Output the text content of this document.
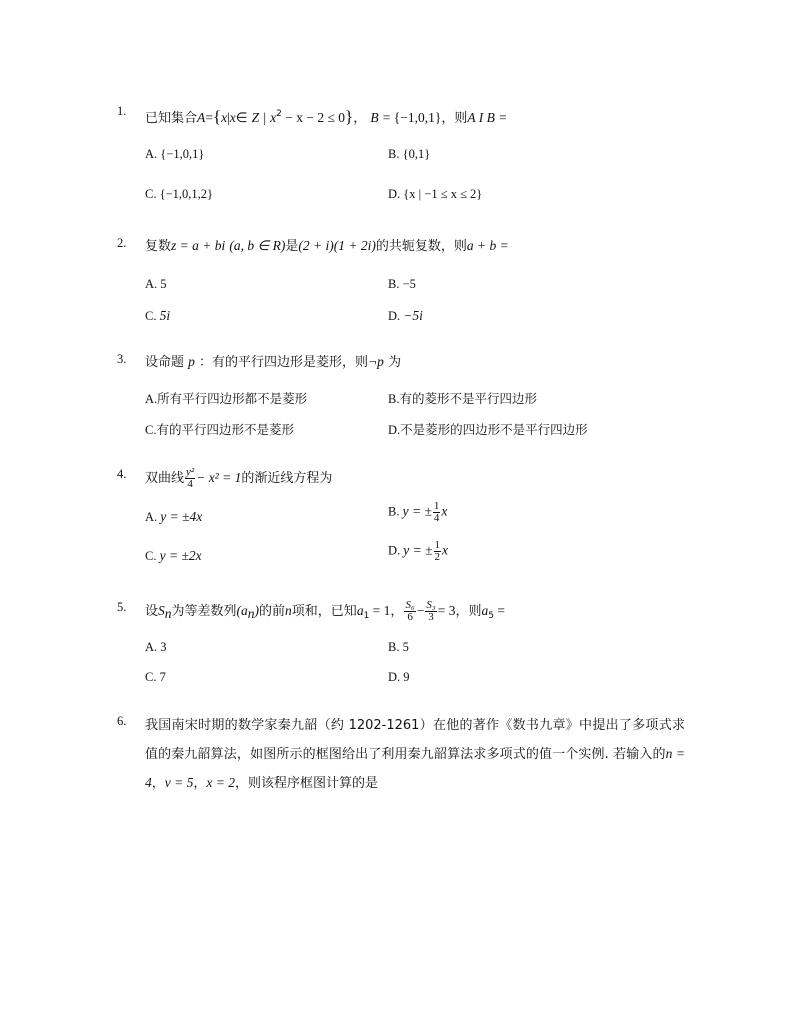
1. 已知集合A={x|x∈ Z | $x^2 - x - 2 \le 0$}， B = {−1,0,1}，则A I B =
A. {−1,0,1}	B. {0,1}
C. {−1,0,1,2}	D. {x | −1 ≤ x ≤ 2}
2. 复数z = a + bi (a, b ∈ R)是(2 + i)(1 + 2i)的共轭复数，则a + b =
A. 5	B. −5
C. 5i	D. −5i
3. 设命题 p ：有的平行四边形是菱形，则¬p 为
A.所有平行四边形都不是菱形	B.有的菱形不是平行四边形
C.有的平行四边形不是菱形	D.不是菱形的四边形不是平行四边形
4. 双曲线 $\frac{\text{y²}}{4} - x^2 = 1$的渐近线方程为
A. y = ±4x	B. y = ± $\frac{1}{4}$ x
C. y = ±2x	D. y = ± $\frac{1}{2}$ x
5. 设$S_n$为等差数列$(a_n)$的前n项和，已知$a_1 = 1$， $\frac{\text{S₆}}{6} - \frac{\text{S₃}}{3} = 3$，则$a_5$ =
A. 3	B. 5
C. 7	D. 9
6. 我国南宋时期的数学家秦九韶（约 1202-1261）在他的著作《数书九章》中提出了多项式求值的秦九韶算法，如图所示的框图给出了利用秦九韶算法求多项式的值一个实例. 若输入的n = 4，v = 5，x = 2，则该程序框图计算的是
